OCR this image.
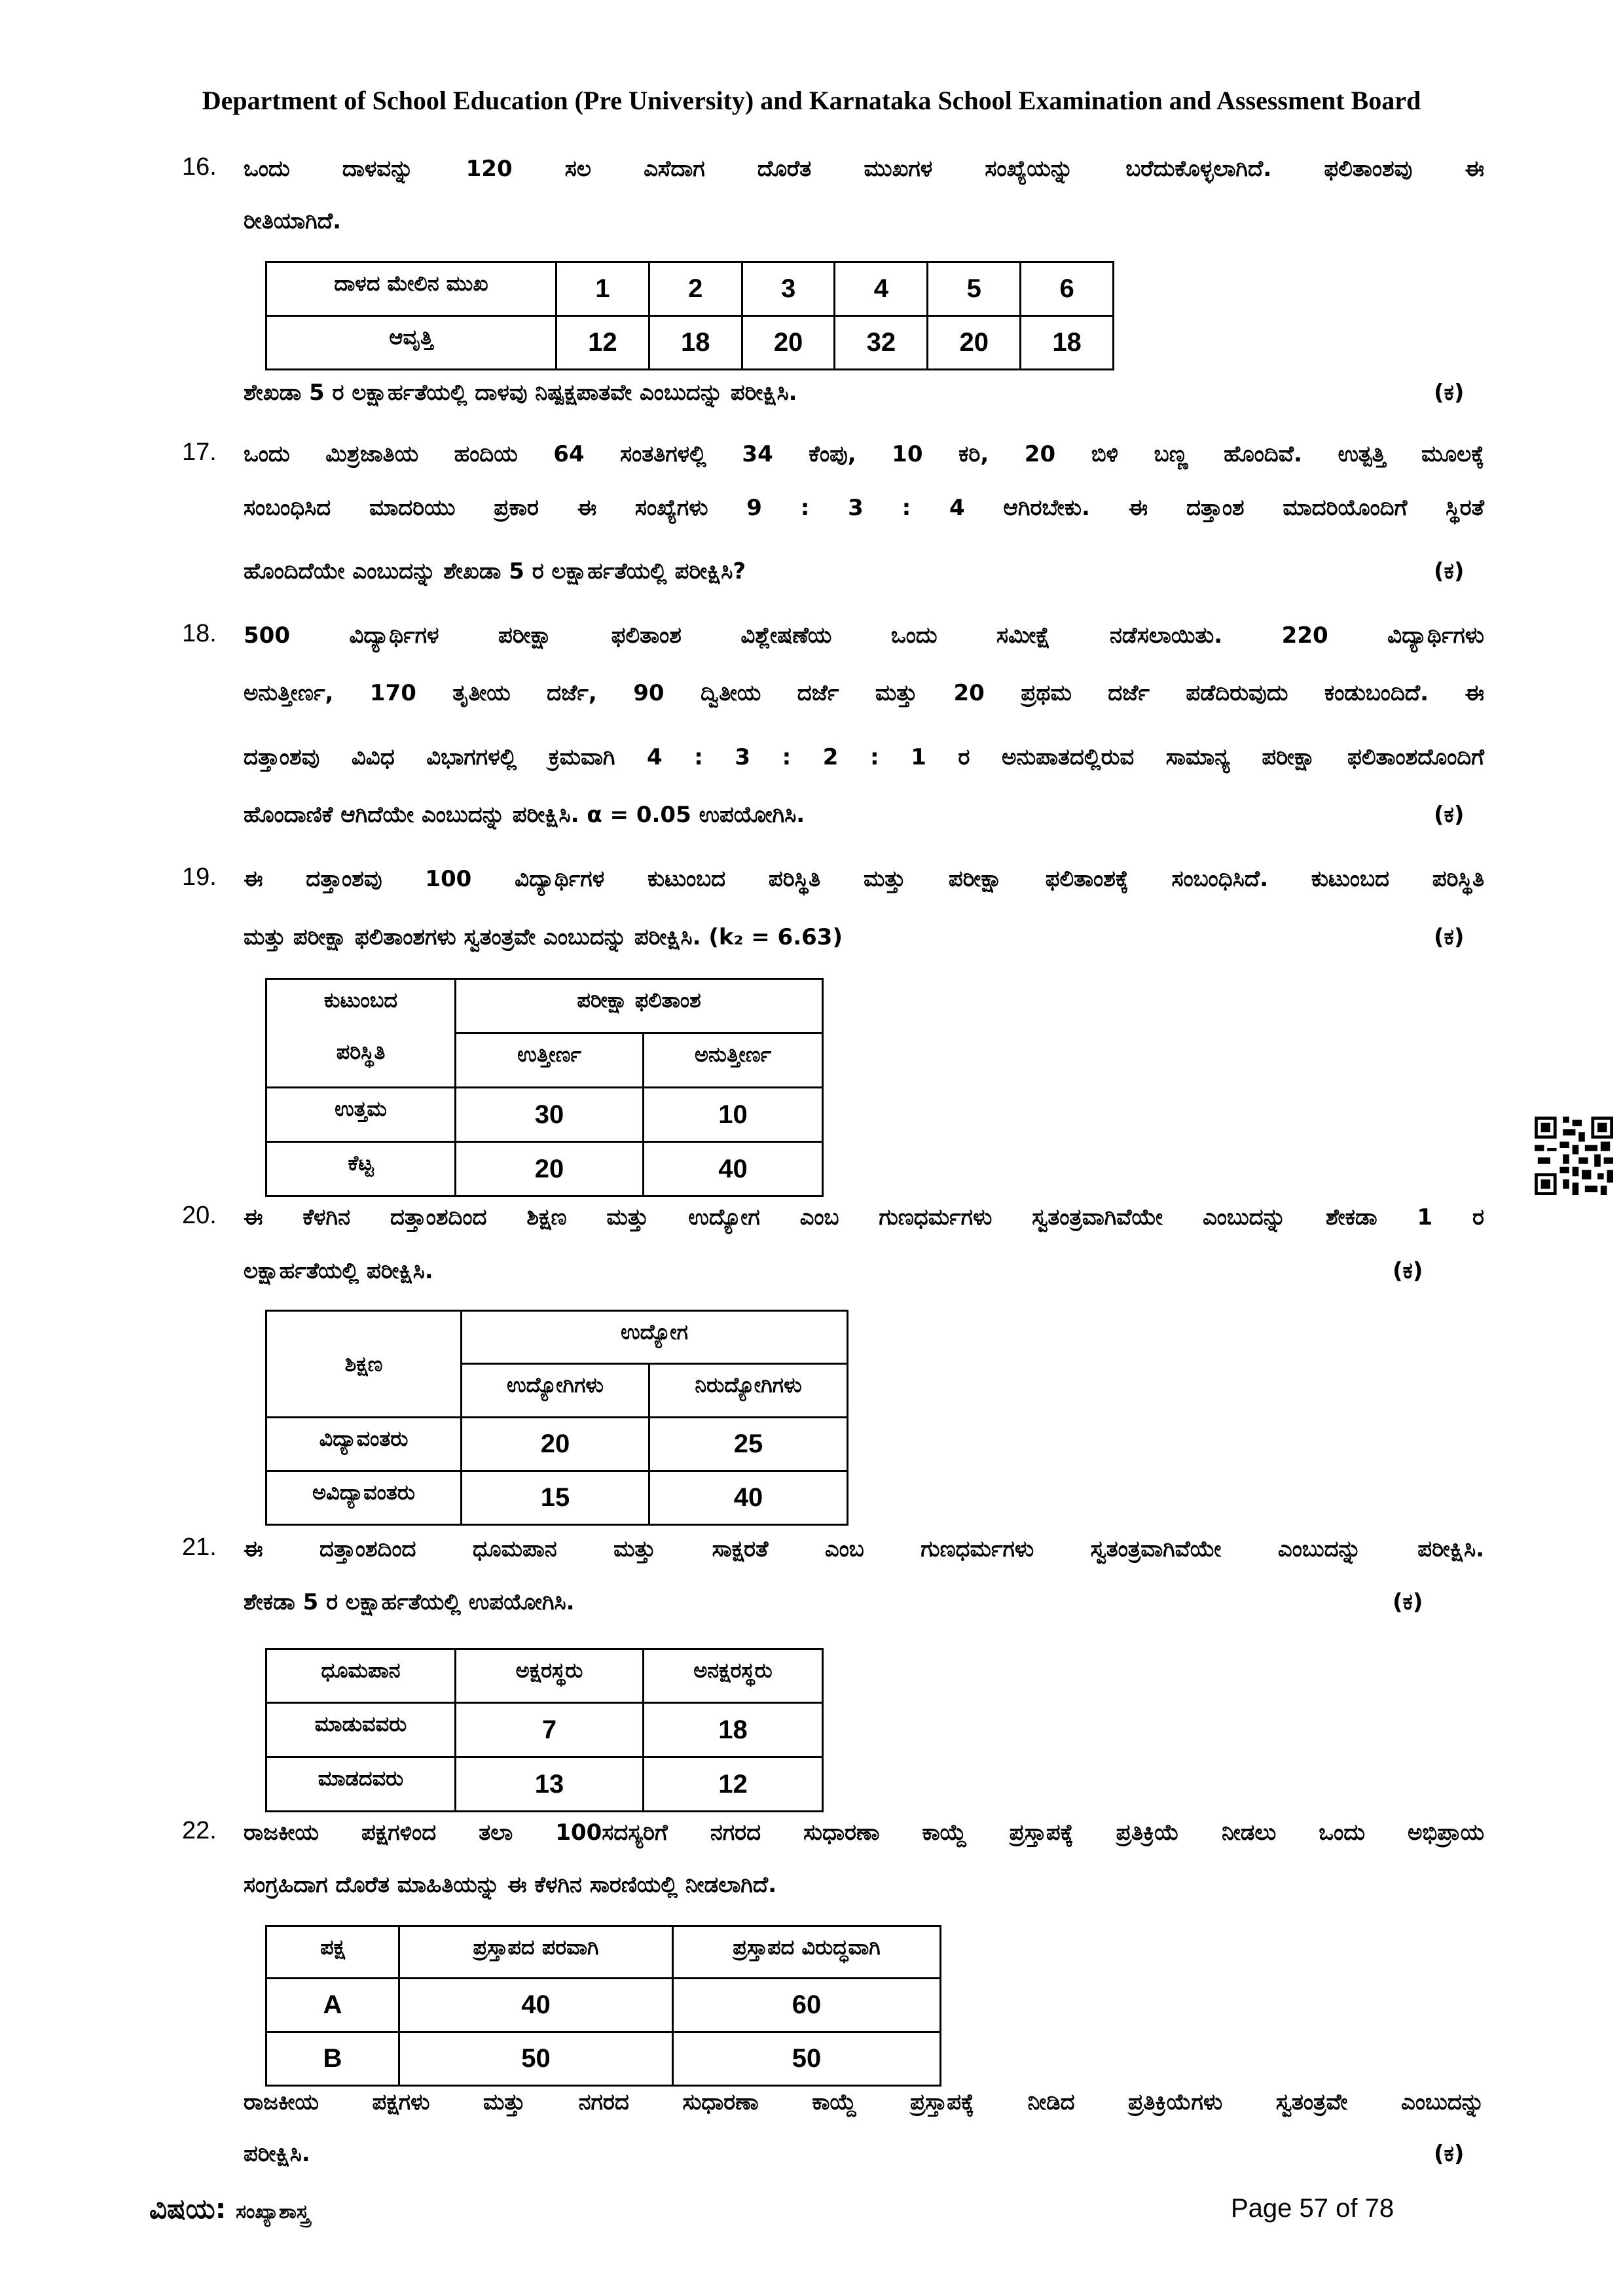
Department of School Education (Pre University) and Karnataka School Examination and Assessment Board
16. ಒಂದು ದಾಳವನ್ನು 120 ಸಲ ಎಸೆದಾಗ ದೊರೆತ ಮುಖಗಳ ಸಂಖ್ಯೆಯನ್ನು ಬರೆದುಕೊಳ್ಳಲಾಗಿದೆ. ಫಲಿತಾಂಶವು ಈ
ರೀತಿಯಾಗಿದೆ.
ದಾಳದ ಮೇಲಿನ ಮುಖ	1	2	3	4	5	6
ಆವೃತ್ತಿ	12	18	20	32	20	18
ಶೇಖಡಾ 5 ರ ಲಕ್ಷಾರ್ಹತೆಯಲ್ಲಿ ದಾಳವು ನಿಷ್ಪಕ್ಷಪಾತವೇ ಎಂಬುದನ್ನು ಪರೀಕ್ಷಿಸಿ.	(ಕ)
17. ಒಂದು ಮಿಶ್ರಜಾತಿಯ ಹಂದಿಯ 64 ಸಂತತಿಗಳಲ್ಲಿ 34 ಕೆಂಪು, 10 ಕರಿ, 20 ಬಿಳಿ ಬಣ್ಣ ಹೊಂದಿವೆ. ಉತ್ಪತ್ತಿ ಮೂಲಕ್ಕೆ
ಸಂಬಂಧಿಸಿದ ಮಾದರಿಯು ಪ್ರಕಾರ ಈ ಸಂಖ್ಯೆಗಳು 9 : 3 : 4 ಆಗಿರಬೇಕು. ಈ ದತ್ತಾಂಶ ಮಾದರಿಯೊಂದಿಗೆ ಸ್ಥಿರತೆ
ಹೊಂದಿದೆಯೇ ಎಂಬುದನ್ನು ಶೇಖಡಾ 5 ರ ಲಕ್ಷಾರ್ಹತೆಯಲ್ಲಿ ಪರೀಕ್ಷಿಸಿ?	(ಕ)
18. 500 ವಿದ್ಯಾರ್ಥಿಗಳ ಪರೀಕ್ಷಾ ಫಲಿತಾಂಶ ವಿಶ್ಲೇಷಣೆಯ ಒಂದು ಸಮೀಕ್ಷೆ ನಡೆಸಲಾಯಿತು. 220 ವಿದ್ಯಾರ್ಥಿಗಳು
ಅನುತ್ತೀರ್ಣ, 170 ತೃತೀಯ ದರ್ಜೆ, 90 ದ್ವಿತೀಯ ದರ್ಜೆ ಮತ್ತು 20 ಪ್ರಥಮ ದರ್ಜೆ ಪಡೆದಿರುವುದು ಕಂಡುಬಂದಿದೆ. ಈ
ದತ್ತಾಂಶವು ವಿವಿಧ ವಿಭಾಗಗಳಲ್ಲಿ ಕ್ರಮವಾಗಿ 4 : 3 : 2 : 1 ರ ಅನುಪಾತದಲ್ಲಿರುವ ಸಾಮಾನ್ಯ ಪರೀಕ್ಷಾ ಫಲಿತಾಂಶದೊಂದಿಗೆ
ಹೊಂದಾಣಿಕೆ ಆಗಿದೆಯೇ ಎಂಬುದನ್ನು ಪರೀಕ್ಷಿಸಿ. α = 0.05 ಉಪಯೋಗಿಸಿ.	(ಕ)
19. ಈ ದತ್ತಾಂಶವು 100 ವಿದ್ಯಾರ್ಥಿಗಳ ಕುಟುಂಬದ ಪರಿಸ್ಥಿತಿ ಮತ್ತು ಪರೀಕ್ಷಾ ಫಲಿತಾಂಶಕ್ಕೆ ಸಂಬಂಧಿಸಿದೆ. ಕುಟುಂಬದ ಪರಿಸ್ಥಿತಿ
ಮತ್ತು ಪರೀಕ್ಷಾ ಫಲಿತಾಂಶಗಳು ಸ್ವತಂತ್ರವೇ ಎಂಬುದನ್ನು ಪರೀಕ್ಷಿಸಿ. (k₂ = 6.63)	(ಕ)
ಕುಟುಂಬದ
ಪರಿಸ್ಥಿತಿ	ಪರೀಕ್ಷಾ ಫಲಿತಾಂಶ	
	ಉತ್ತೀರ್ಣ	ಅನುತ್ತೀರ್ಣ
ಉತ್ತಮ	30	10
ಕೆಟ್ಟ	20	40
20. ಈ ಕೆಳಗಿನ ದತ್ತಾಂಶದಿಂದ ಶಿಕ್ಷಣ ಮತ್ತು ಉದ್ಯೋಗ ಎಂಬ ಗುಣಧರ್ಮಗಳು ಸ್ವತಂತ್ರವಾಗಿವೆಯೇ ಎಂಬುದನ್ನು ಶೇಕಡಾ 1 ರ
ಲಕ್ಷಾರ್ಹತೆಯಲ್ಲಿ ಪರೀಕ್ಷಿಸಿ.	(ಕ)
ಶಿಕ್ಷಣ	ಉದ್ಯೋಗ	
	ಉದ್ಯೋಗಿಗಳು	ನಿರುದ್ಯೋಗಿಗಳು
ವಿದ್ಯಾವಂತರು	20	25
ಅವಿದ್ಯಾವಂತರು	15	40
21. ಈ ದತ್ತಾಂಶದಿಂದ ಧೂಮಪಾನ ಮತ್ತು ಸಾಕ್ಷರತೆ ಎಂಬ ಗುಣಧರ್ಮಗಳು ಸ್ವತಂತ್ರವಾಗಿವೆಯೇ ಎಂಬುದನ್ನು ಪರೀಕ್ಷಿಸಿ.
ಶೇಕಡಾ 5 ರ ಲಕ್ಷಾರ್ಹತೆಯಲ್ಲಿ ಉಪಯೋಗಿಸಿ.	(ಕ)
ಧೂಮಪಾನ	ಅಕ್ಷರಸ್ಥರು	ಅನಕ್ಷರಸ್ಥರು
ಮಾಡುವವರು	7	18
ಮಾಡದವರು	13	12
22. ರಾಜಕೀಯ ಪಕ್ಷಗಳಿಂದ ತಲಾ 100ಸದಸ್ಯರಿಗೆ ನಗರದ ಸುಧಾರಣಾ ಕಾಯ್ದೆ ಪ್ರಸ್ತಾಪಕ್ಕೆ ಪ್ರತಿಕ್ರಿಯೆ ನೀಡಲು ಒಂದು ಅಭಿಪ್ರಾಯ
ಸಂಗ್ರಹಿದಾಗ ದೊರೆತ ಮಾಹಿತಿಯನ್ನು ಈ ಕೆಳಗಿನ ಸಾರಣಿಯಲ್ಲಿ ನೀಡಲಾಗಿದೆ.
ಪಕ್ಷ	ಪ್ರಸ್ತಾಪದ ಪರವಾಗಿ	ಪ್ರಸ್ತಾಪದ ವಿರುದ್ಧವಾಗಿ
A	40	60
B	50	50
ರಾಜಕೀಯ ಪಕ್ಷಗಳು ಮತ್ತು ನಗರದ ಸುಧಾರಣಾ ಕಾಯ್ದೆ ಪ್ರಸ್ತಾಪಕ್ಕೆ ನೀಡಿದ ಪ್ರತಿಕ್ರಿಯೆಗಳು ಸ್ವತಂತ್ರವೇ ಎಂಬುದನ್ನು
ಪರೀಕ್ಷಿಸಿ.	(ಕ)
ವಿಷಯ: ಸಂಖ್ಯಾಶಾಸ್ತ್ರ	Page 57 of 78
